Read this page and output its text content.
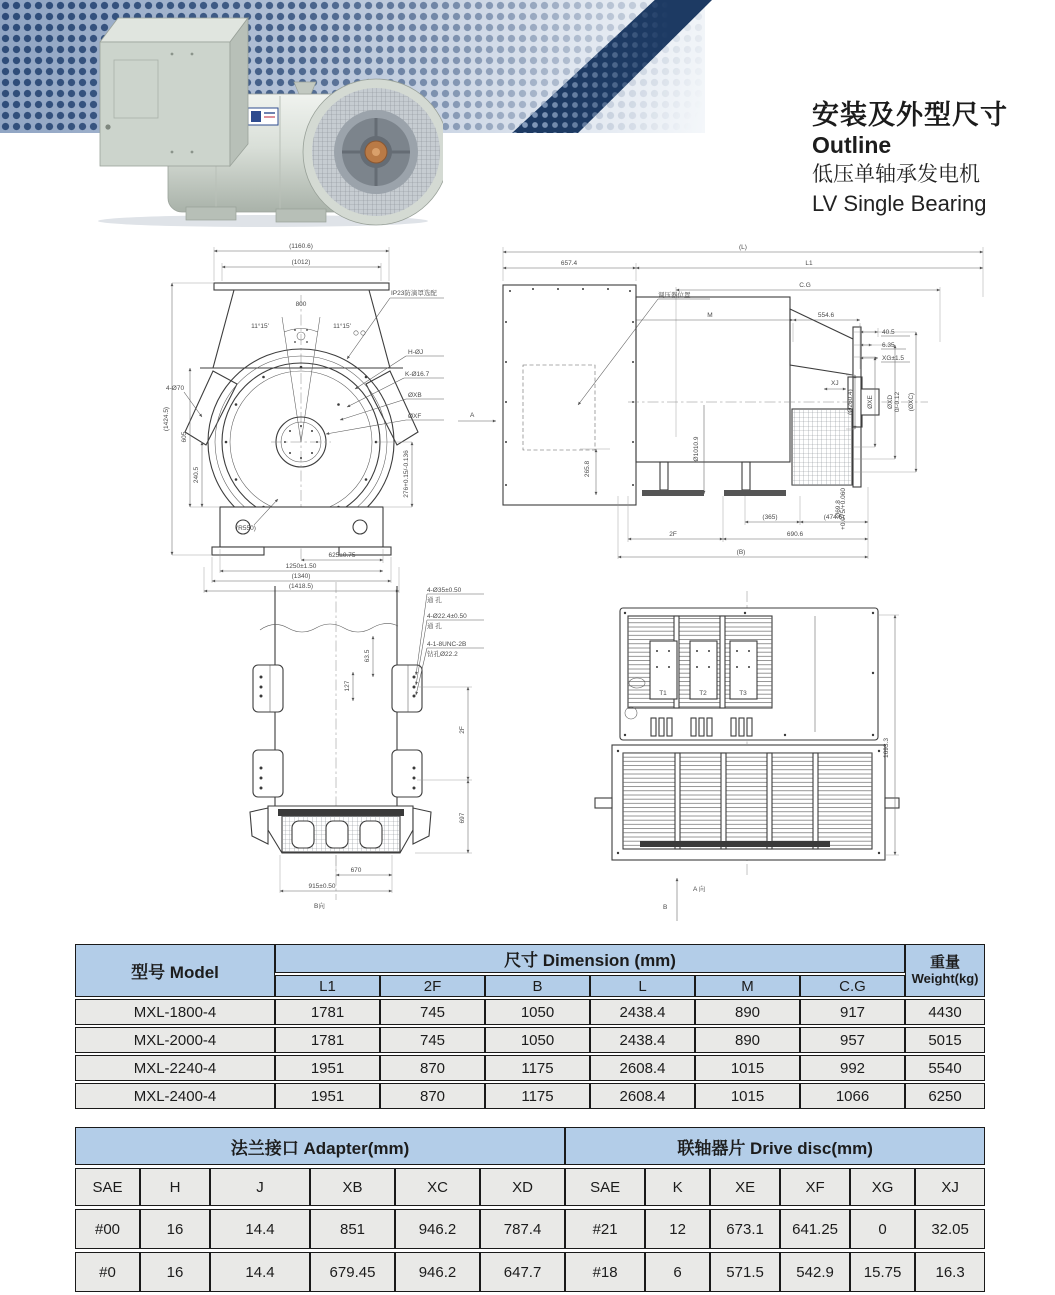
安装及外型尺寸
Outline
低压单轴承发电机
LV Single Bearing
(1160.6)
(1012)
800
11°15'	11°15'
IP23防滴罩选配
H-ØJ
K-Ø16.7
ØXB
ØXF
4-Ø70
605
240.5
(1424.5)
276+0.15/-0.136
(R550)
625±0.75
1250±1.50
(1340)
(1418.5)
(L)
657.4	L1
C.G
M	554.6
调压器位置
A
265.8
Ø1010.9
40.5
6.35
XG±1.5
XJ
(Ø260.4) ØXE ØXD 0/-0.12 (ØXC)
Ø69.8
+0.075/+0.060
(365)	(474.6)
2F	690.6
(B)
4-Ø35±0.50
通 孔
4-Ø22.4±0.50
通 孔
4-1-8UNC-2B
钻孔Ø22.2
63.5
127
2F
697
670
915±0.50
B向
T1	T2	T3
1693.3
A 向
B
型号 Model	尺寸 Dimension (mm)						重量
Weight(kg)
	L1	2F	B	L	M	C.G	
MXL-1800-4	1781	745	1050	2438.4	890	917	4430
MXL-2000-4	1781	745	1050	2438.4	890	957	5015
MXL-2240-4	1951	870	1175	2608.4	1015	992	5540
MXL-2400-4	1951	870	1175	2608.4	1015	1066	6250
法兰接口 Adapter(mm)						联轴器片 Drive disc(mm)					
SAE	H	J	XB	XC	XD	SAE	K	XE	XF	XG	XJ
#00	16	14.4	851	946.2	787.4	#21	12	673.1	641.25	0	32.05
#0	16	14.4	679.45	946.2	647.7	#18	6	571.5	542.9	15.75	16.3
